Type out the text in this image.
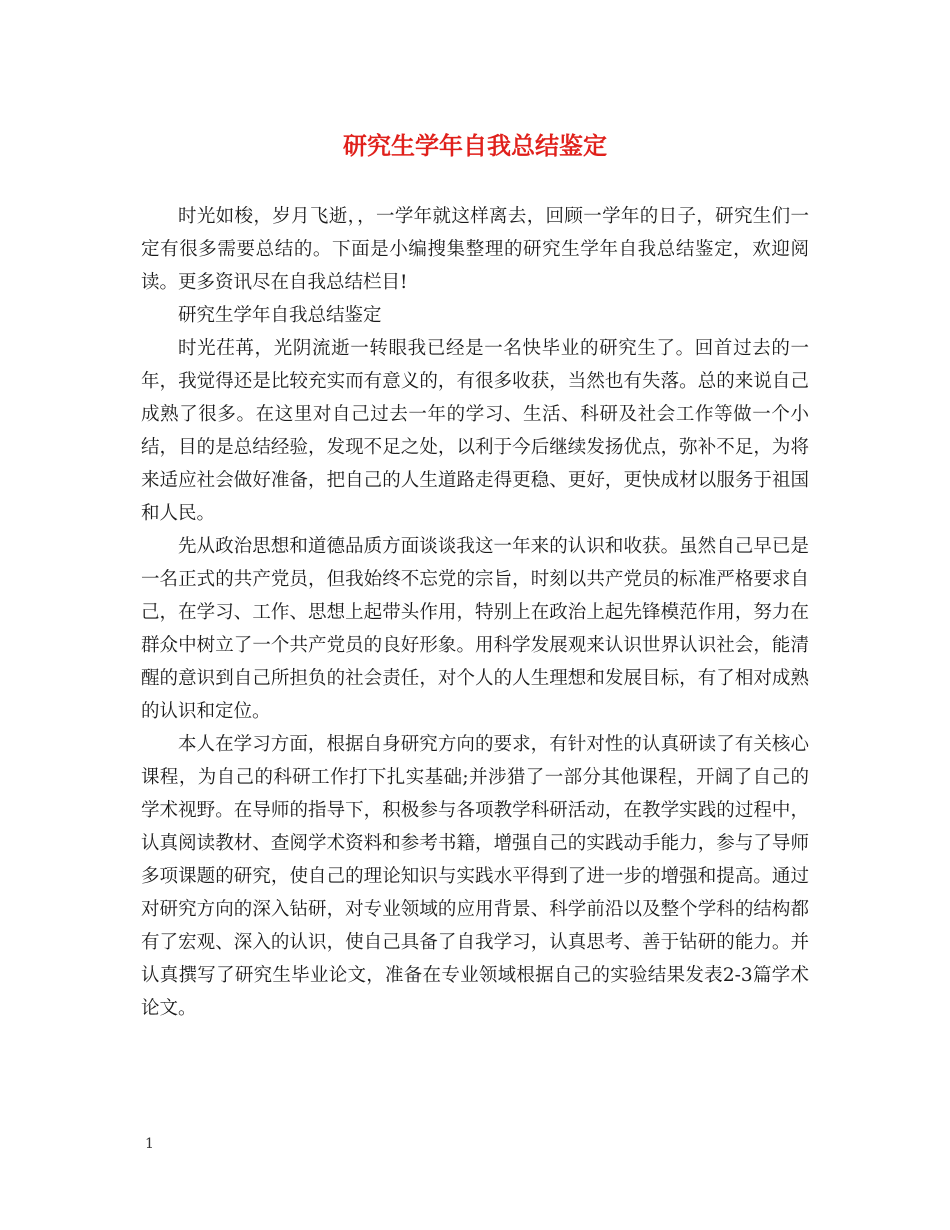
研究生学年自我总结鉴定

时光如梭，岁月飞逝，，一学年就这样离去，回顾一学年的日子，研究生们一定有很多需要总结的。下面是小编搜集整理的研究生学年自我总结鉴定，欢迎阅读。更多资讯尽在自我总结栏目!

研究生学年自我总结鉴定

时光茌苒，光阴流逝一转眼我已经是一名快毕业的研究生了。回首过去的一年，我觉得还是比较充实而有意义的，有很多收获，当然也有失落。总的来说自己成熟了很多。在这里对自己过去一年的学习、生活、科研及社会工作等做一个小结，目的是总结经验，发现不足之处，以利于今后继续发扬优点，弥补不足，为将来适应社会做好准备，把自己的人生道路走得更稳、更好，更快成材以服务于祖国和人民。

先从政治思想和道德品质方面谈谈我这一年来的认识和收获。虽然自己早已是一名正式的共产党员，但我始终不忘党的宗旨，时刻以共产党员的标准严格要求自己，在学习、工作、思想上起带头作用，特别上在政治上起先锋模范作用，努力在群众中树立了一个共产党员的良好形象。用科学发展观来认识世界认识社会，能清醒的意识到自己所担负的社会责任，对个人的人生理想和发展目标，有了相对成熟的认识和定位。

本人在学习方面，根据自身研究方向的要求，有针对性的认真研读了有关核心课程，为自己的科研工作打下扎实基础;并涉猎了一部分其他课程，开阔了自己的学术视野。在导师的指导下，积极参与各项教学科研活动，在教学实践的过程中，认真阅读教材、查阅学术资料和参考书籍，增强自己的实践动手能力，参与了导师多项课题的研究，使自己的理论知识与实践水平得到了进一步的增强和提高。通过对研究方向的深入钻研，对专业领域的应用背景、科学前沿以及整个学科的结构都有了宏观、深入的认识，使自己具备了自我学习，认真思考、善于钻研的能力。并认真撰写了研究生毕业论文，准备在专业领域根据自己的实验结果发表2-3篇学术论文。

1
